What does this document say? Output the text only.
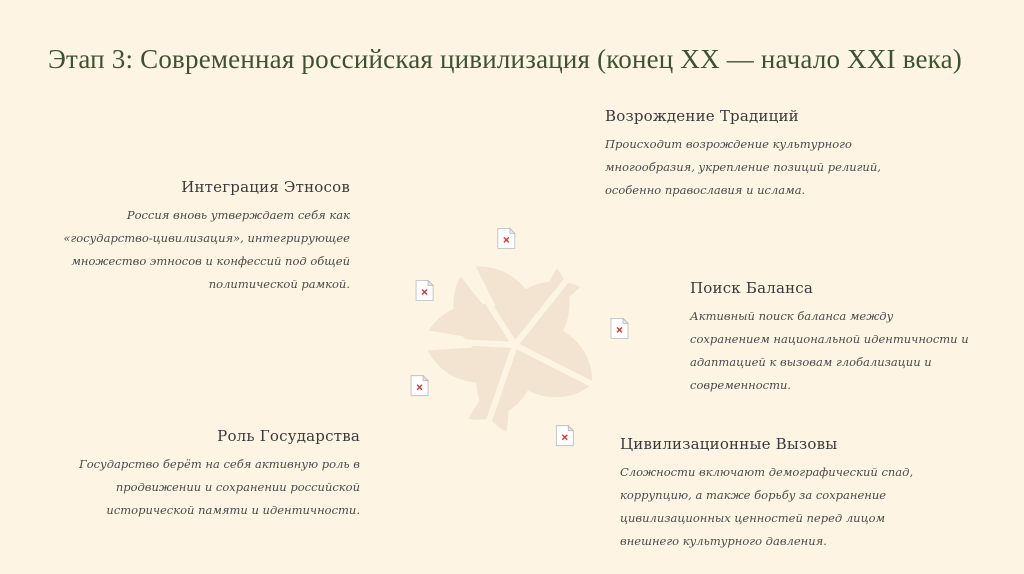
Этап 3: Современная российская цивилизация (конец XX — начало XXI века)
Интеграция Этносов

Россия вновь утверждает себя как
«государство-цивилизация», интегрирующее
множество этносов и конфессий под общей
политической рамкой.

Роль Государства

Государство берёт на себя активную роль в
продвижении и сохранении российской
исторической памяти и идентичности.

Возрождение Традиций

Происходит возрождение культурного
многообразия, укрепление позиций религий,
особенно православия и ислама.

Поиск Баланса

Активный поиск баланса между
сохранением национальной идентичности и
адаптацией к вызовам глобализации и
современности.

Цивилизационные Вызовы

Сложности включают демографический спад,
коррупцию, а также борьбу за сохранение
цивилизационных ценностей перед лицом
внешнего культурного давления.
